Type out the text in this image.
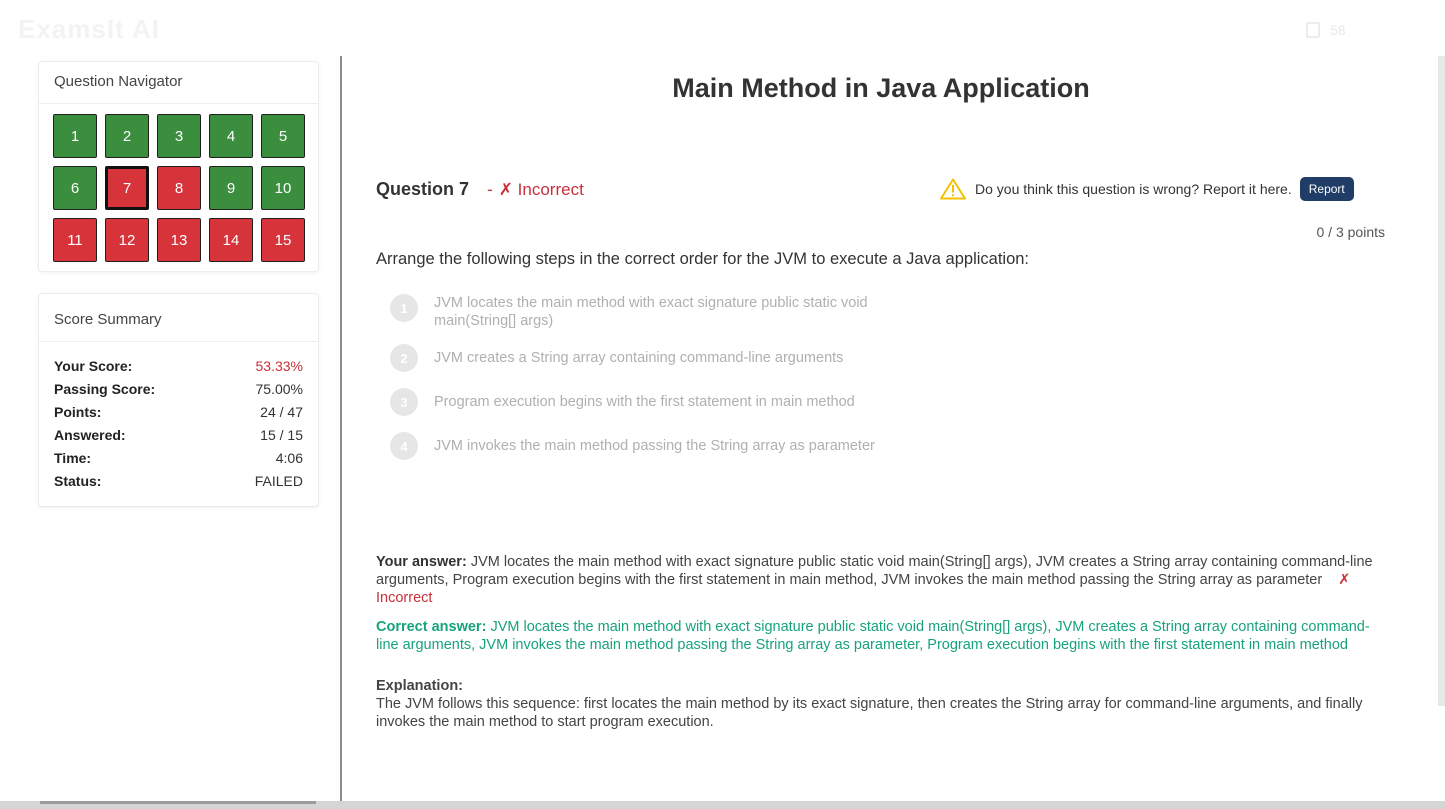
ExamsIt AI	58
Question Navigator
1	2	3	4	5
6	7	8	9	10
11	12	13	14	15
Score Summary
Your Score:	53.33%
Passing Score:	75.00%
Points:	24 / 47
Answered:	15 / 15
Time:	4:06
Status:	FAILED
Main Method in Java Application
Question 7 - ✗ Incorrect	Do you think this question is wrong? Report it here.	Report
0 / 3 points
Arrange the following steps in the correct order for the JVM to execute a Java application:
1	JVM locates the main method with exact signature public static void main(String[] args)
2	JVM creates a String array containing command-line arguments
3	Program execution begins with the first statement in main method
4	JVM invokes the main method passing the String array as parameter
Your answer: JVM locates the main method with exact signature public static void main(String[] args), JVM creates a String array containing command-line arguments, Program execution begins with the first statement in main method, JVM invokes the main method passing the String array as parameter ✗ Incorrect
Correct answer: JVM locates the main method with exact signature public static void main(String[] args), JVM creates a String array containing command-line arguments, JVM invokes the main method passing the String array as parameter, Program execution begins with the first statement in main method
Explanation:
The JVM follows this sequence: first locates the main method by its exact signature, then creates the String array for command-line arguments, and finally invokes the main method to start program execution.
